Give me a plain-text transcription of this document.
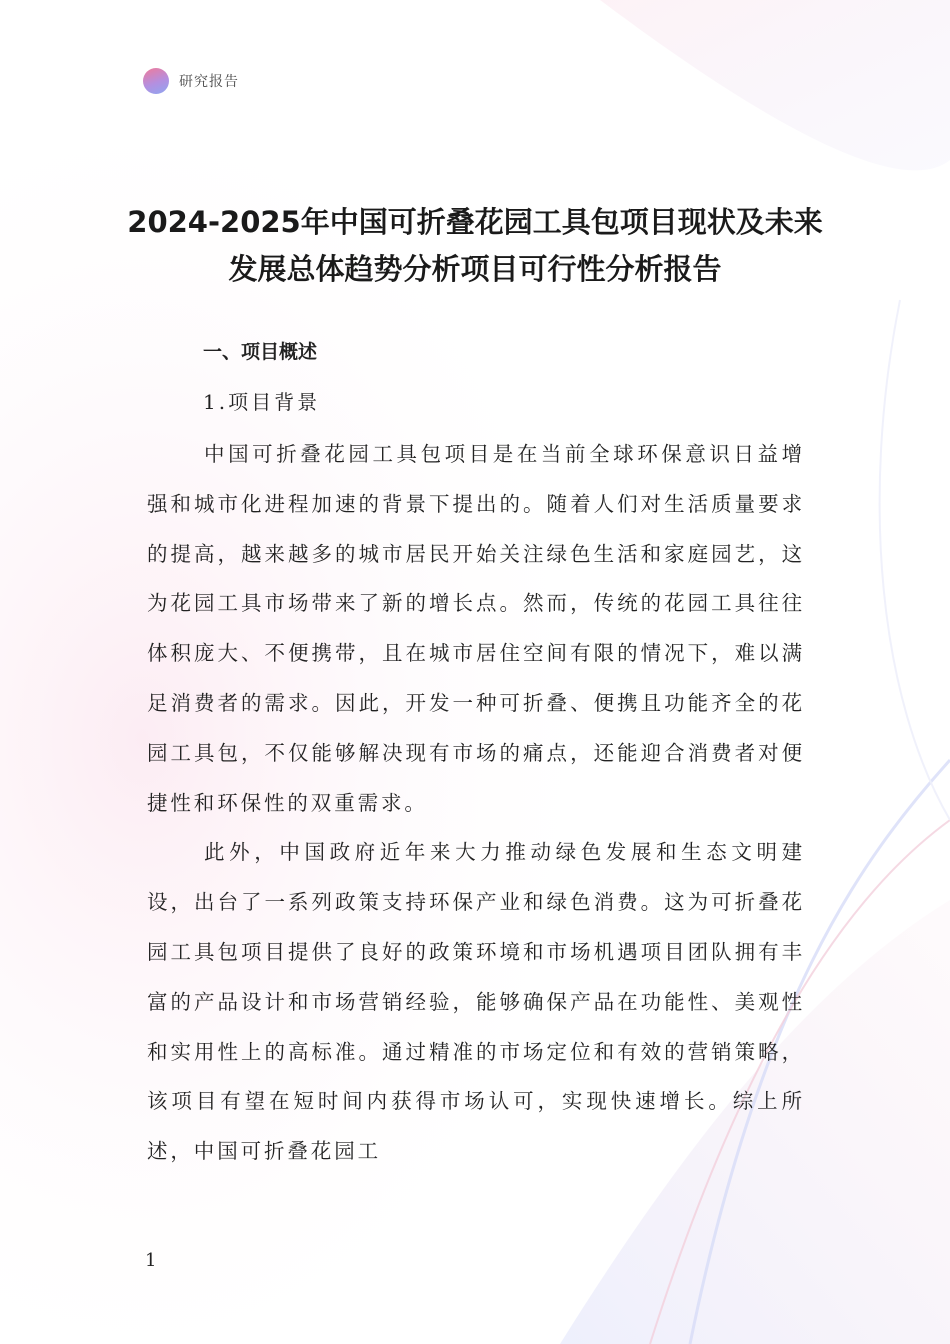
研究报告
2024-2025年中国可折叠花园工具包项目现状及未来发展总体趋势分析项目可行性分析报告
一、项目概述
1.项目背景

中国可折叠花园工具包项目是在当前全球环保意识日益增强和城市化进程加速的背景下提出的。随着人们对生活质量要求的提高，越来越多的城市居民开始关注绿色生活和家庭园艺，这为花园工具市场带来了新的增长点。然而，传统的花园工具往往体积庞大、不便携带，且在城市居住空间有限的情况下，难以满足消费者的需求。因此，开发一种可折叠、便携且功能齐全的花园工具包，不仅能够解决现有市场的痛点，还能迎合消费者对便捷性和环保性的双重需求。

此外，中国政府近年来大力推动绿色发展和生态文明建设，出台了一系列政策支持环保产业和绿色消费。这为可折叠花园工具包项目提供了良好的政策环境和市场机遇项目团队拥有丰富的产品设计和市场营销经验，能够确保产品在功能性、美观性和实用性上的高标准。通过精准的市场定位和有效的营销策略，该项目有望在短时间内获得市场认可，实现快速增长。综上所述，中国可折叠花园工

1
